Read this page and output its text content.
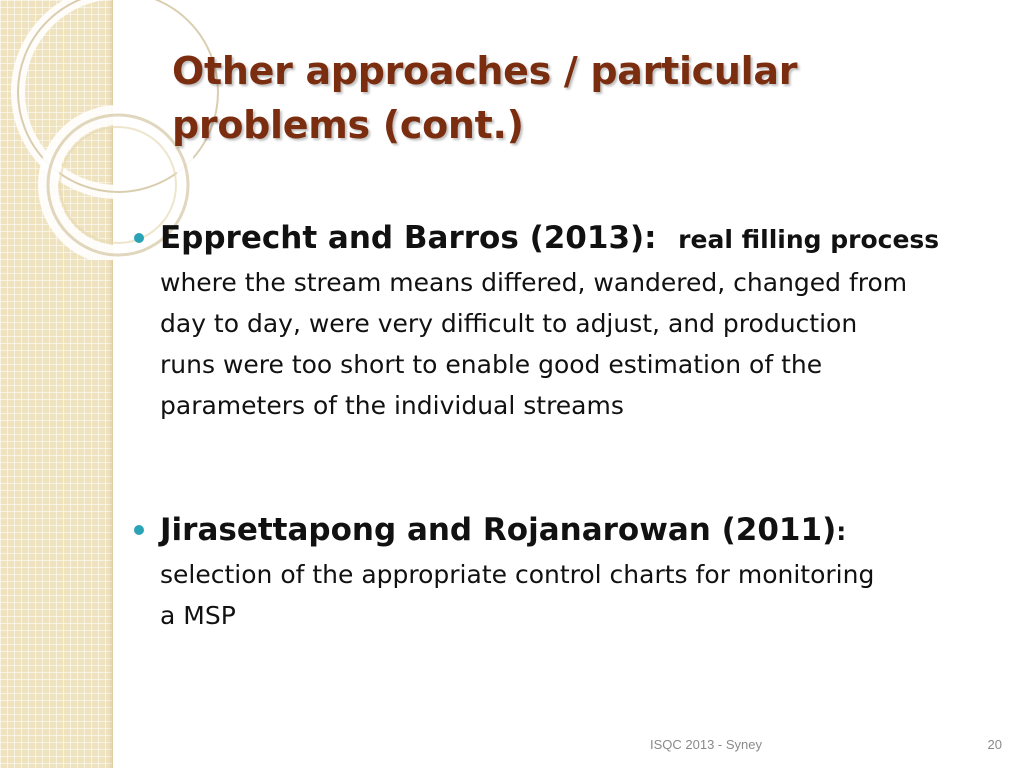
Other approaches / particular
problems (cont.)
Epprecht and Barros (2013): real filling process
where the stream means differed, wandered, changed from
day to day, were very difficult to adjust, and production
runs were too short to enable good estimation of the
parameters of the individual streams
Jirasettapong and Rojanarowan (2011):
selection of the appropriate control charts for monitoring
a MSP
ISQC 2013 - Syney	20
